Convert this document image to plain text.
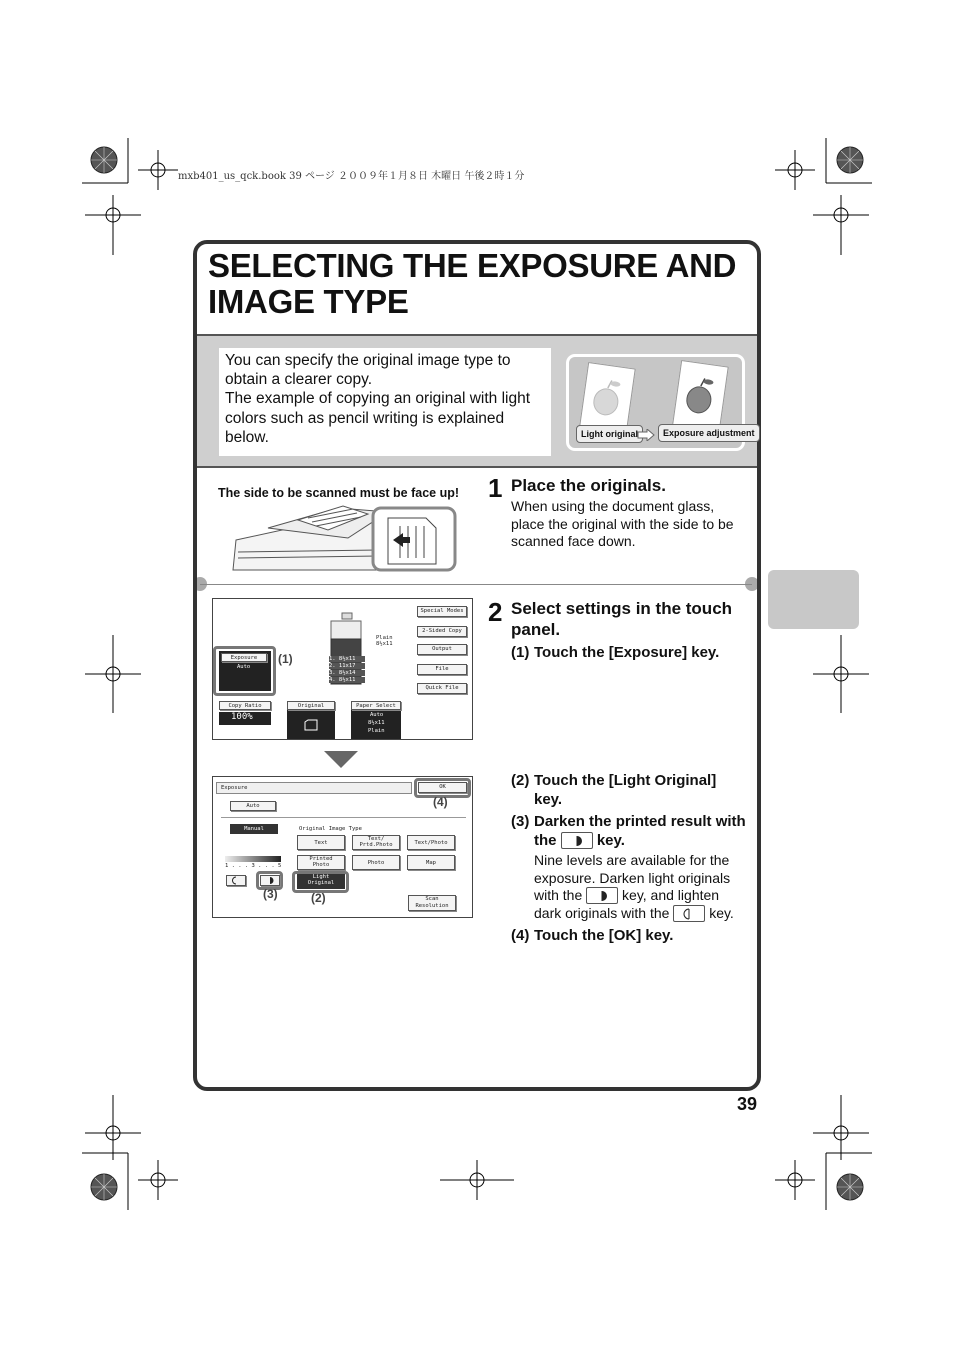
mxb401_us_qck.book 39 ページ ２００９年１月８日 木曜日 午後２時１分
SELECTING THE EXPOSURE AND
IMAGE TYPE
You can specify the original image type to obtain a clearer copy.
The example of copying an original with light colors such as pencil writing is explained below.	Light original	Exposure adjustment
The side to be scanned must be face up! 1 Place the originals.
When using the document glass, place the original with the side to be scanned face down.
2 Select settings in the touch panel.
(1) Touch the [Exposure] key.
(2) Touch the [Light Original] key.
(3) Darken the printed result with the	key.
Nine levels are available for the
exposure. Darken light originals
with the	key, and lighten
dark originals with the	key.
(4) Touch the [OK] key.
1. 8½x11
2. 11x17
3. 8½x14
4. 8½x11
Plain
8½x11
Special Modes
2-Sided Copy
Output
File
Quick File
Exposure
Auto
(1)
Copy Ratio
100%
Original	Paper Select
Auto
8½x11
Plain
Exposure	OK
(4)
Auto
Manual	Original Image Type
Text
Text/
Prtd.Photo	Text/Photo
Printed
Photo	Photo	Map
Light
Original
(2)
1 . . . 3 . . . 5
(3)	Scan
Resolution
39
